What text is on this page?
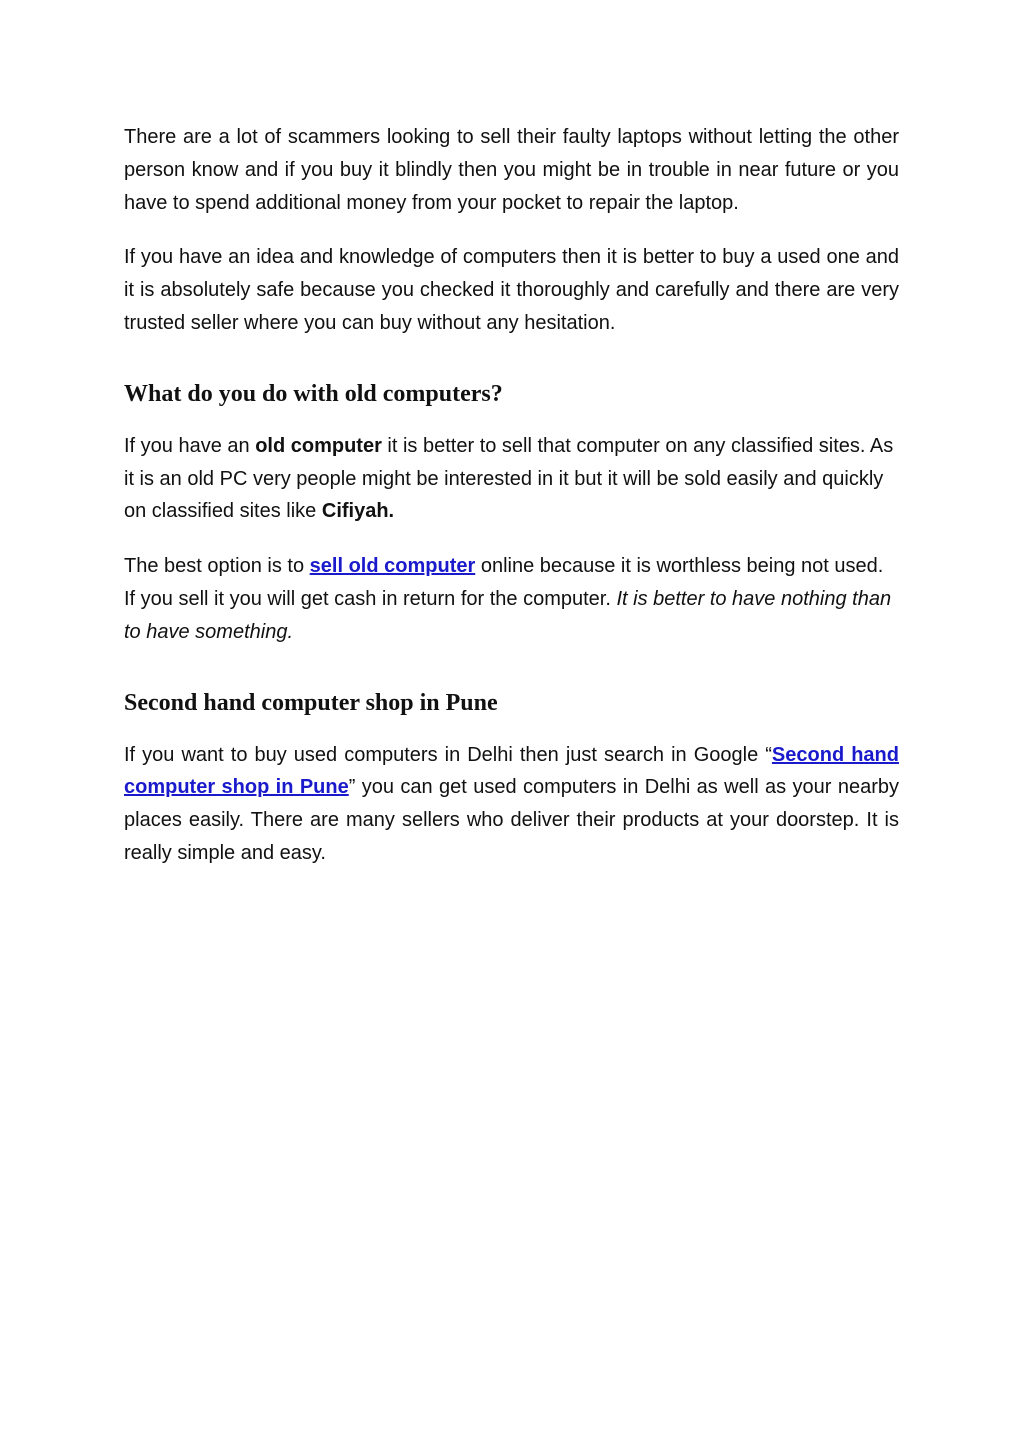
There are a lot of scammers looking to sell their faulty laptops without letting the other person know and if you buy it blindly then you might be in trouble in near future or you have to spend additional money from your pocket to repair the laptop.

If you have an idea and knowledge of computers then it is better to buy a used one and it is absolutely safe because you checked it thoroughly and carefully and there are very trusted seller where you can buy without any hesitation.

What do you do with old computers?

If you have an old computer it is better to sell that computer on any classified sites. As it is an old PC very people might be interested in it but it will be sold easily and quickly on classified sites like Cifiyah.

The best option is to sell old computer online because it is worthless being not used. If you sell it you will get cash in return for the computer. It is better to have nothing than to have something.

Second hand computer shop in Pune

If you want to buy used computers in Delhi then just search in Google “Second hand computer shop in Pune” you can get used computers in Delhi as well as your nearby places easily. There are many sellers who deliver their products at your doorstep. It is really simple and easy.
